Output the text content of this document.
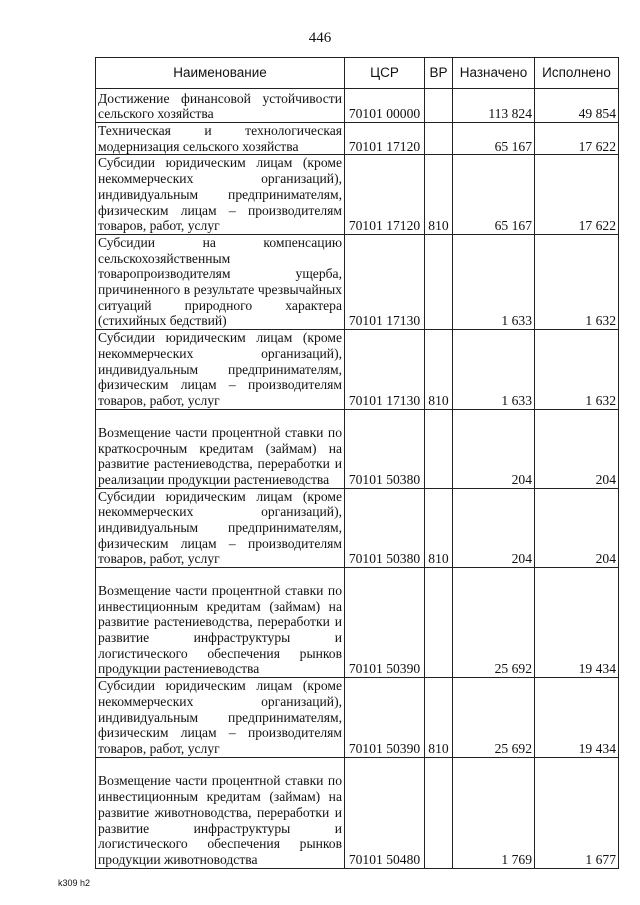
446
Наименование	ЦСР	ВР	Назначено	Исполнено
Достижение финансовой устойчивости сельского хозяйства	70101 00000		113 824	49 854
Техническая и технологическая модернизация сельского хозяйства	70101 17120		65 167	17 622
Субсидии юридическим лицам (кроме некоммерческих организаций), индивидуальным предпринимателям, физическим лицам – производителям товаров, работ, услуг	70101 17120	810	65 167	17 622
Субсидии на компенсацию сельскохозяйственным товаропроизводителям ущерба, причиненного в результате чрезвычайных ситуаций природного характера (стихийных бедствий)	70101 17130		1 633	1 632
Субсидии юридическим лицам (кроме некоммерческих организаций), индивидуальным предпринимателям, физическим лицам – производителям товаров, работ, услуг	70101 17130	810	1 633	1 632
Возмещение части процентной ставки по краткосрочным кредитам (займам) на развитие растениеводства, переработки и реализации продукции растениеводства	70101 50380		204	204
Субсидии юридическим лицам (кроме некоммерческих организаций), индивидуальным предпринимателям, физическим лицам – производителям товаров, работ, услуг	70101 50380	810	204	204
Возмещение части процентной ставки по инвестиционным кредитам (займам) на развитие растениеводства, переработки и развитие инфраструктуры и логистического обеспечения рынков продукции растениеводства	70101 50390		25 692	19 434
Субсидии юридическим лицам (кроме некоммерческих организаций), индивидуальным предпринимателям, физическим лицам – производителям товаров, работ, услуг	70101 50390	810	25 692	19 434
Возмещение части процентной ставки по инвестиционным кредитам (займам) на развитие животноводства, переработки и развитие инфраструктуры и логистического обеспечения рынков продукции животноводства	70101 50480		1 769	1 677
k309 h2
